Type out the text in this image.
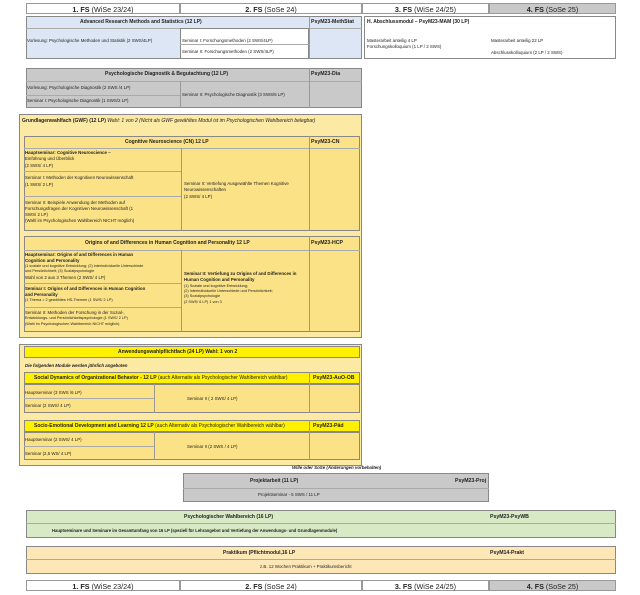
1. FS (WiSe 23/24)	2. FS (SoSe 24)	3. FS (WiSe 24/25)	4. FS (SoSe 25)
Advanced Research Methods and Statistics (12 LP)	PsyM23-MethStat
Vorlesung: Psychologische Methoden und Statistik (2 SWS/4LP)	Seminar I: Forschungsmethoden (2 SWS/4LP)
Seminar II: Forschungsmethoden (2 SWS/4LP)
H. Abschlussmodul – PsyM23-MAM (30 LP)
Masterarbeit anteilig 4 LP
Forschungskolloquium (1 LP / 2 SWS)
Masterarbeit anteilig 22 LP
Abschlusskolloquium (2 LP / 2 SWS)
Psychologische Diagnostik & Begutachtung (12 LP)	PsyM23-Dia
Vorlesung: Psychologische Diagnostik (2 SWS /4 LP)
Seminar I: Psychologische Diagnostik (1 SWS/2 LP)
Seminar II: Psychologische Diagnostik (3 SWS/6 LP)
Grundlagenwahlfach (GWF) (12 LP) Wahl: 1 von 2 (Nicht als GWF gewähltes Modul ist im Psychologischen Wahlbereich belegbar)
Cognitive Neuroscience (CN) 12 LP	PsyM23-CN
Hauptseminar: Cognitive Neuroscience –
Einführung und Überblick
(2 SWS/ 4 LP)
Seminar I: Methoden der Kognitiven Neurowissenschaft
(1 SWS/ 2 LP)
Seminar II: Beispiele Anwendung der Methoden auf
Forschungsfragen der Kognitiven Neurowissenschaft (1
SWS/ 2 LP)
(Wahl im Psychologischen Wahlbereich NICHT möglich)
Seminar II: Vertiefung Ausgewählte Themen Kognitive
Neurowissenschaften
(2 SWS/ 4 LP)
Origins of and Differences in Human Cognition and Personality 12 LP	PsyM23-HCP
Hauptseminar: Origins of and Differences in Human
Cognition and Personality
(1 soziale und kognitive Entwicklung; (2) interindividuelle Unterschiede
und Persönlichkeit; (3) Sozialpsychologie
Wahl von 2 aus 3 Themen (2 SWS/ 4 LP)
Seminar I: Origins of and Differences in Human Cognition
and Personality
(1 Thema = 2 gewähltes HS-Themen (1 SWS/ 2 LP)
Seminar II: Methoden der Forschung in der Sozial-,
Entwicklungs- und Persönlichkeitspsychologie (1 SWS/ 2 LP)
(Wahl im Psychologischen Wahlbereich NICHT möglich)
Seminar II: Vertiefung zu Origins of and Differences in
Human Cognition and Personality
(1) Soziale und kognitive Entwicklung;
(2) Interindividuelle Unterschiede und Persönlichkeit;
(3) Sozialpsychologie
(2 SWS/ 6 LP) 1 von 3
Anwendungswahlpflichtfach (24 LP) Wahl: 1 von 2
Die folgenden Module werden jährlich angeboten
Social Dynamics of Organizational Behavior - 12 LP (auch Alternativ als Psychologischer Wahlbereich wählbar)	PsyM23-AuO-OB
Hauptseminar (3 SWS /6 LP)
Seminar (2 SWS/ 4 LP)
Seminar II ( 2 SWS/ 4 LP)
Socio-Emotional Development and Learning 12 LP (auch Alternativ als Psychologischer Wahlbereich wählbar)	PsyM23-Päd
Hauptseminar (2 SWS/ 4 LP)
Seminar (2,5 WS/ 4 LP)
Seminar II (2 SWS / 4 LP)
Wille oder SoSe (Änderungen vorbehalten)
Projektarbeit (11 LP)	PsyM23-Proj
Projektseminar - 5 SWS / 11 LP
Psychologischer Wahlbereich (16 LP)	PsyM23-PsyWB
Hauptseminare und Seminare im Gesamtumfang von 16 LP (speziell für Lehrangebot und Vertiefung der Anwendungs- und Grundlagenmodule)
Praktikum (Pflichtmodul,16 LP	PsyM14-Prakt
z.B. 12 Wochen Praktikum + Praktikumsbericht
1. FS (WiSe 23/24)	2. FS (SoSe 24)	3. FS (WiSe 24/25)	4. FS (SoSe 25)
